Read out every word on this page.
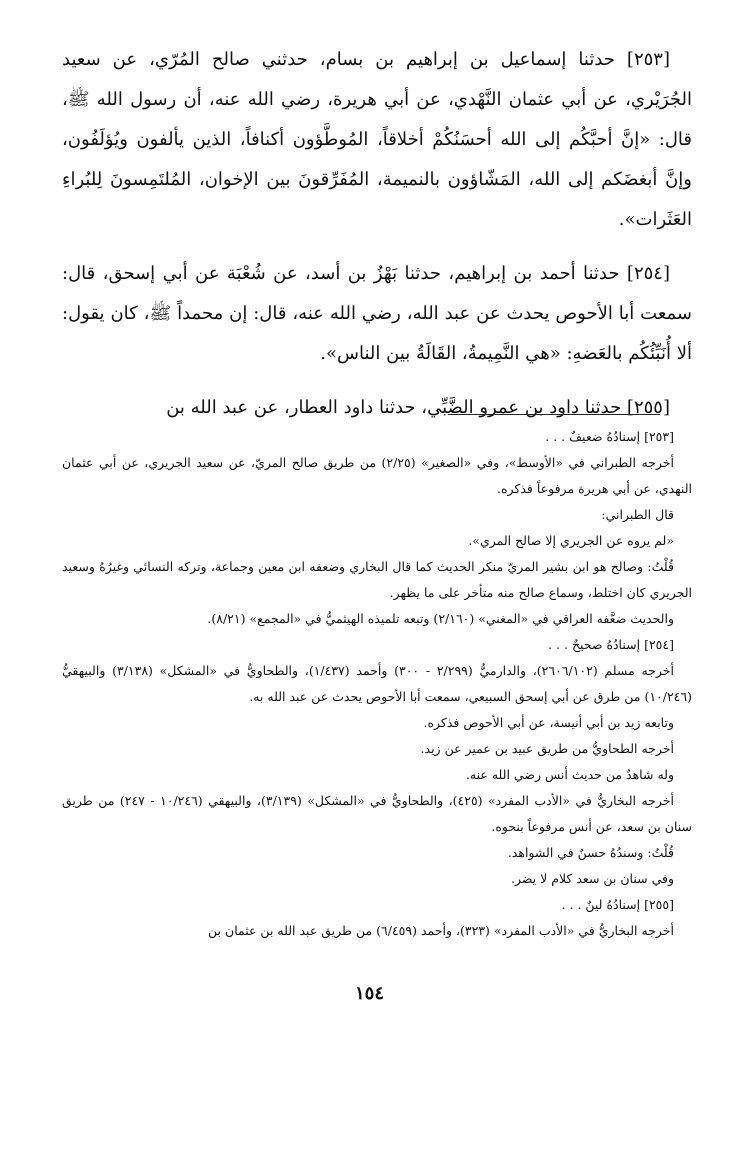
[٢٥٣] حدثنا إسماعيل بن إبراهيم بن بسام، حدثني صالح المُرّي، عن سعيد الجُرَيْري، عن أبي عثمان النَّهْدي، عن أبي هريرة، رضي الله عنه، أن رسول الله ﷺ، قال: «إنَّ أحبَّكُم إلى الله أحسَنُكُمْ أخلاقاً، المُوطَّؤون أكنافاً، الذين يألفون ويُؤلَفُون، وإنَّ أبغضَكم إلى الله، المَشّاؤون بالنميمة، المُفَرِّقونَ بين الإخوان، المُلتَمِسونَ لِلبُراءِ العَثَرات».

[٢٥٤] حدثنا أحمد بن إبراهيم، حدثنا بَهْزُ بن أسد، عن شُعْبَة عن أبي إسحق، قال: سمعت أبا الأحوص يحدث عن عبد الله، رضي الله عنه، قال: إن محمداً ﷺ، كان يقول: ألا أُنَبِّئُكُم بالعَضهِ: «هي النَّمِيمةُ، القَالَةُ بين الناس».

[٢٥٥] حدثنا داود بن عمرو الضَّبِّي، حدثنا داود العطار، عن عبد الله بن

[٢٥٣] إسنادُهُ ضعيفٌ . . .

أخرجه الطبراني في «الأوسط»، وفي «الصغير» (٢/٢٥) من طريق صالح المريّ، عن سعيد الجريري، عن أبي عثمان النهدي، عن أبي هريرة مرفوعاً فذكره.

قال الطبراني:

«لم يروه عن الجريري إلا صالح المري».

قُلْتُ: وصالح هو ابن بشير المريّ منكر الحديث كما قال البخاري وضعفه ابن معين وجماعة، وتركه النسائي وغيرُهُ وسعيد الجريري كان اختلط، وسماع صالح منه متأخر على ما يظهر.

والحديث ضعَّفه العراقي في «المغني» (٢/١٦٠) وتبعه تلميذه الهيثميُّ في «المجمع» (٨/٢١).

[٢٥٤] إسنادُهُ صحيحٌ . . .

أخرجه مسلم (٢٦٠٦/١٠٢)، والدارميُّ (٢/٢٩٩ - ٣٠٠) وأحمد (١/٤٣٧)، والطحاويُّ في «المشكل» (٣/١٣٨) والبيهقيُّ (١٠/٢٤٦) من طرق عن أبي إسحق السبيعي، سمعت أبا الأحوص يحدث عن عبد الله به.

وتابعه زيد بن أبي أنيسة، عن أبي الأحوص فذكره.

أخرجه الطحاويُّ من طريق عبيد بن عمير عن زيد.

وله شاهدٌ من حديث أنس رضي الله عنه.

أخرجه البخاريُّ في «الأدب المفرد» (٤٢٥)، والطحاويُّ في «المشكل» (٣/١٣٩)، والبيهقي (١٠/٢٤٦ - ٢٤٧) من طريق سنان بن سعد، عن أنس مرفوعاً بنحوه.

قُلْتُ: وسندُهُ حسنٌ في الشواهد.

وفي سنان بن سعد كلام لا يضر.

[٢٥٥] إسنادُهُ لينٌ . . .

أخرجه البخاريُّ في «الأدب المفرد» (٣٢٣)، وأحمد (٦/٤٥٩) من طريق عبد الله بن عثمان بن

١٥٤
